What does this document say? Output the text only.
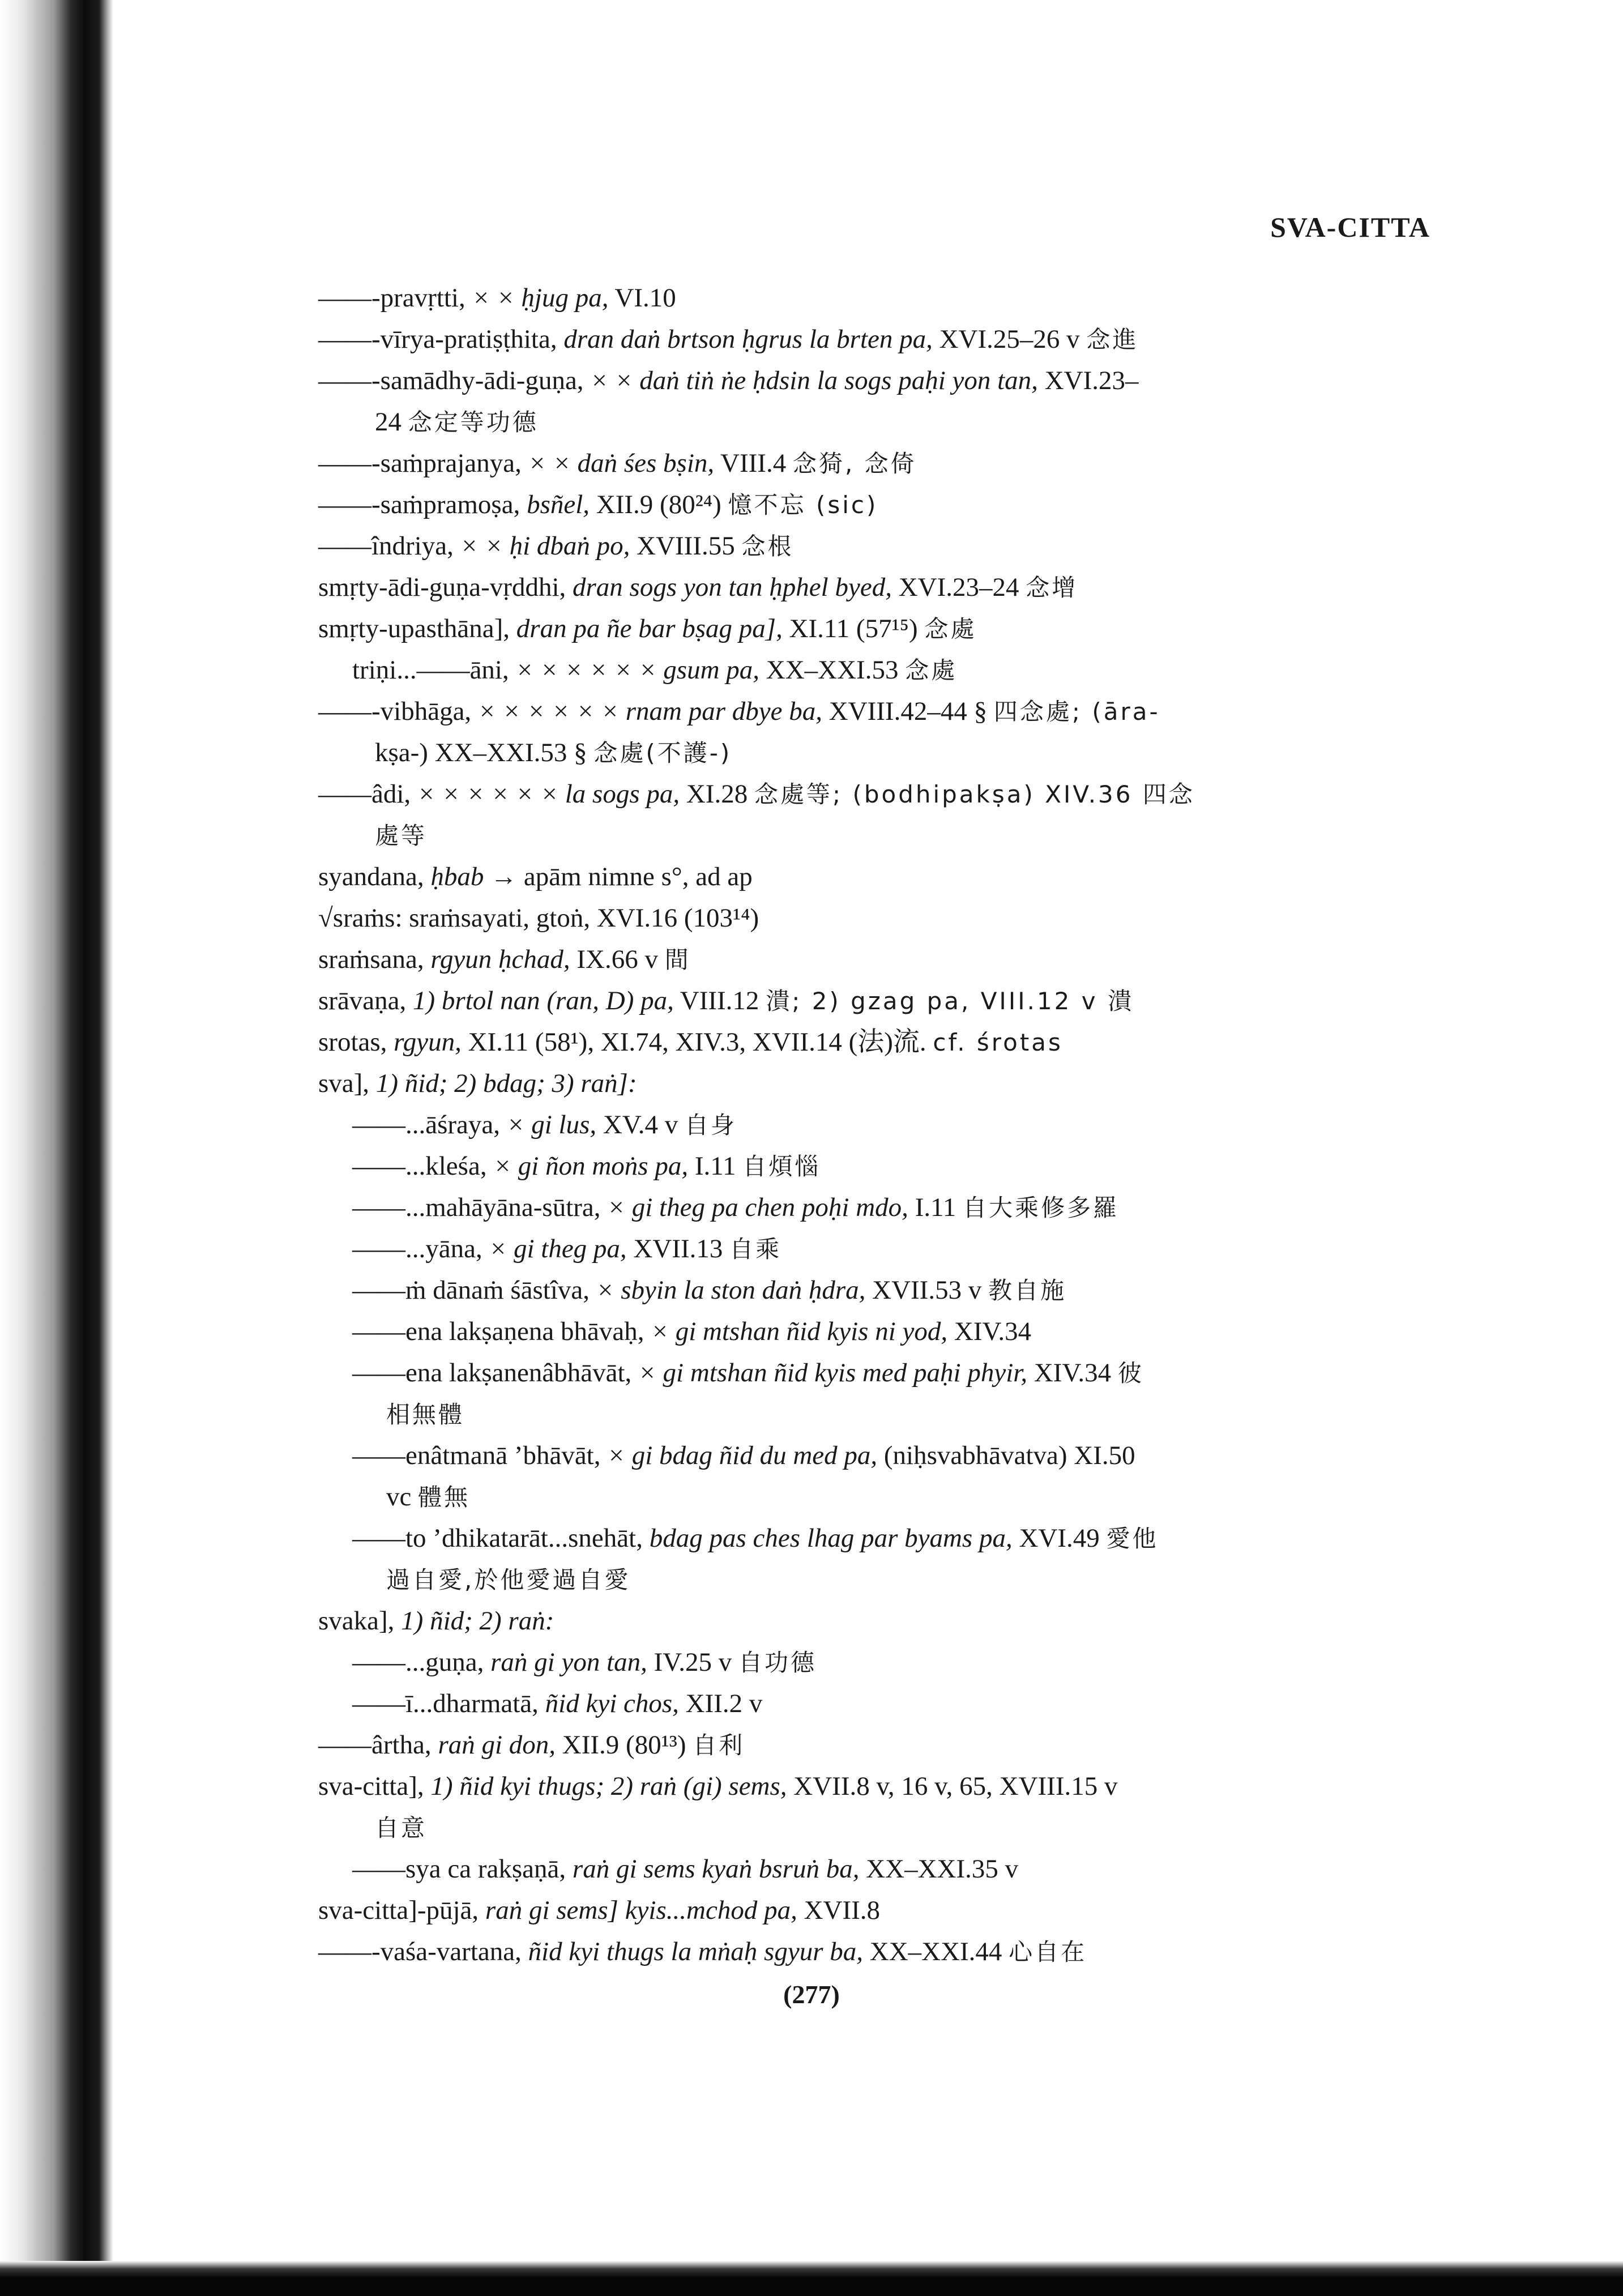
SVA-CITTA
——-pravṛtti, × × ḥjug pa, VI.10
——-vīrya-pratiṣṭhita, dran daṅ brtson ḥgrus la brten pa, XVI.25–26 v 念進
——-samādhy-ādi-guṇa, × × daṅ tiṅ ṅe ḥdsin la sogs paḥi yon tan, XVI.23–
24 念定等功德
——-saṁprajanya, × × daṅ śes bṣin, VIII.4 念猗, 念倚
——-saṁpramoṣa, bsñel, XII.9 (80²⁴) 憶不忘 (sic)
——îndriya, × × ḥi dbaṅ po, XVIII.55 念根
smṛty-ādi-guṇa-vṛddhi, dran sogs yon tan ḥphel byed, XVI.23–24 念增
smṛty-upasthāna], dran pa ñe bar bṣag pa], XI.11 (57¹⁵) 念處
triṇi...——āni, × × × × × × gsum pa, XX–XXI.53 念處
——-vibhāga, × × × × × × rnam par dbye ba, XVIII.42–44 § 四念處; (āra-
kṣa-) XX–XXI.53 § 念處(不護-)
——âdi, × × × × × × la sogs pa, XI.28 念處等; (bodhipakṣa) XIV.36 四念
處等
syandana, ḥbab → apām nimne s°, ad ap
√sraṁs: sraṁsayati, gtoṅ, XVI.16 (103¹⁴)
sraṁsana, rgyun ḥchad, IX.66 v 間
srāvaṇa, 1) brtol nan (ran, D) pa, VIII.12 潰; 2) gzag pa, VIII.12 v 潰
srotas, rgyun, XI.11 (58¹), XI.74, XIV.3, XVII.14 (法)流. cf. śrotas
sva], 1) ñid; 2) bdag; 3) raṅ]:
——...āśraya, × gi lus, XV.4 v 自身
——...kleśa, × gi ñon moṅs pa, I.11 自煩惱
——...mahāyāna-sūtra, × gi theg pa chen poḥi mdo, I.11 自大乘修多羅
——...yāna, × gi theg pa, XVII.13 自乘
——ṁ dānaṁ śāstîva, × sbyin la ston daṅ ḥdra, XVII.53 v 教自施
——ena lakṣaṇena bhāvaḥ, × gi mtshan ñid kyis ni yod, XIV.34
——ena lakṣanenâbhāvāt, × gi mtshan ñid kyis med paḥi phyir, XIV.34 彼
相無體
——enâtmanā ’bhāvāt, × gi bdag ñid du med pa, (niḥsvabhāvatva) XI.50
vc 體無
——to ’dhikatarāt...snehāt, bdag pas ches lhag par byams pa, XVI.49 愛他
過自愛,於他愛過自愛
svaka], 1) ñid; 2) raṅ:
——...guṇa, raṅ gi yon tan, IV.25 v 自功德
——ī...dharmatā, ñid kyi chos, XII.2 v
——ârtha, raṅ gi don, XII.9 (80¹³) 自利
sva-citta], 1) ñid kyi thugs; 2) raṅ (gi) sems, XVII.8 v, 16 v, 65, XVIII.15 v
自意
——sya ca rakṣaṇā, raṅ gi sems kyaṅ bsruṅ ba, XX–XXI.35 v
sva-citta]-pūjā, raṅ gi sems] kyis...mchod pa, XVII.8
——-vaśa-vartana, ñid kyi thugs la mṅaḥ sgyur ba, XX–XXI.44 心自在
(277)
